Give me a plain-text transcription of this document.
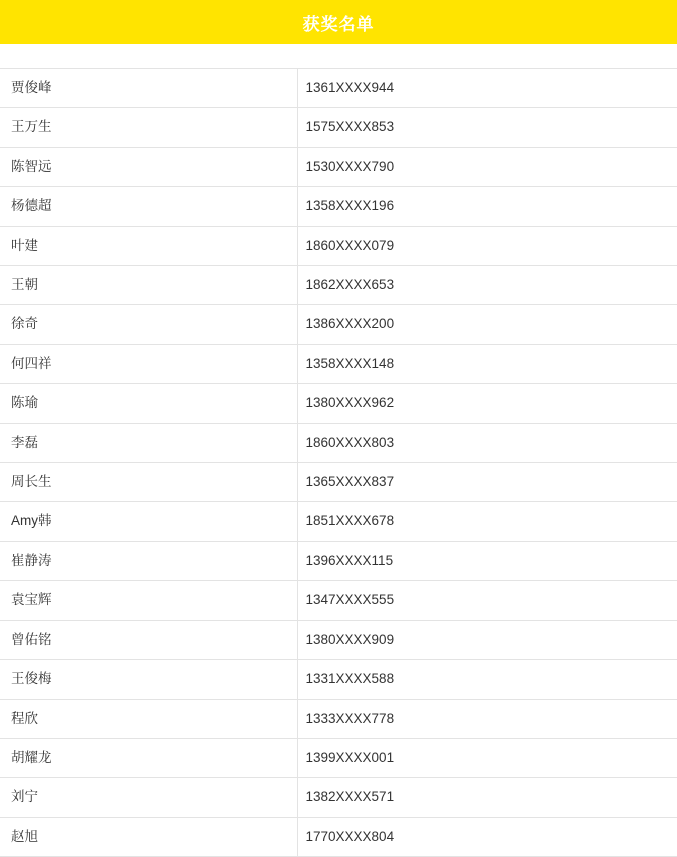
获奖名单
贾俊峰	1361XXXX944
王万生	1575XXXX853
陈智远	1530XXXX790
杨德超	1358XXXX196
叶建	1860XXXX079
王朝	1862XXXX653
徐奇	1386XXXX200
何四祥	1358XXXX148
陈瑜	1380XXXX962
李磊	1860XXXX803
周长生	1365XXXX837
Amy韩	1851XXXX678
崔静涛	1396XXXX115
袁宝辉	1347XXXX555
曾佑铭	1380XXXX909
王俊梅	1331XXXX588
程欣	1333XXXX778
胡耀龙	1399XXXX001
刘宁	1382XXXX571
赵旭	1770XXXX804
